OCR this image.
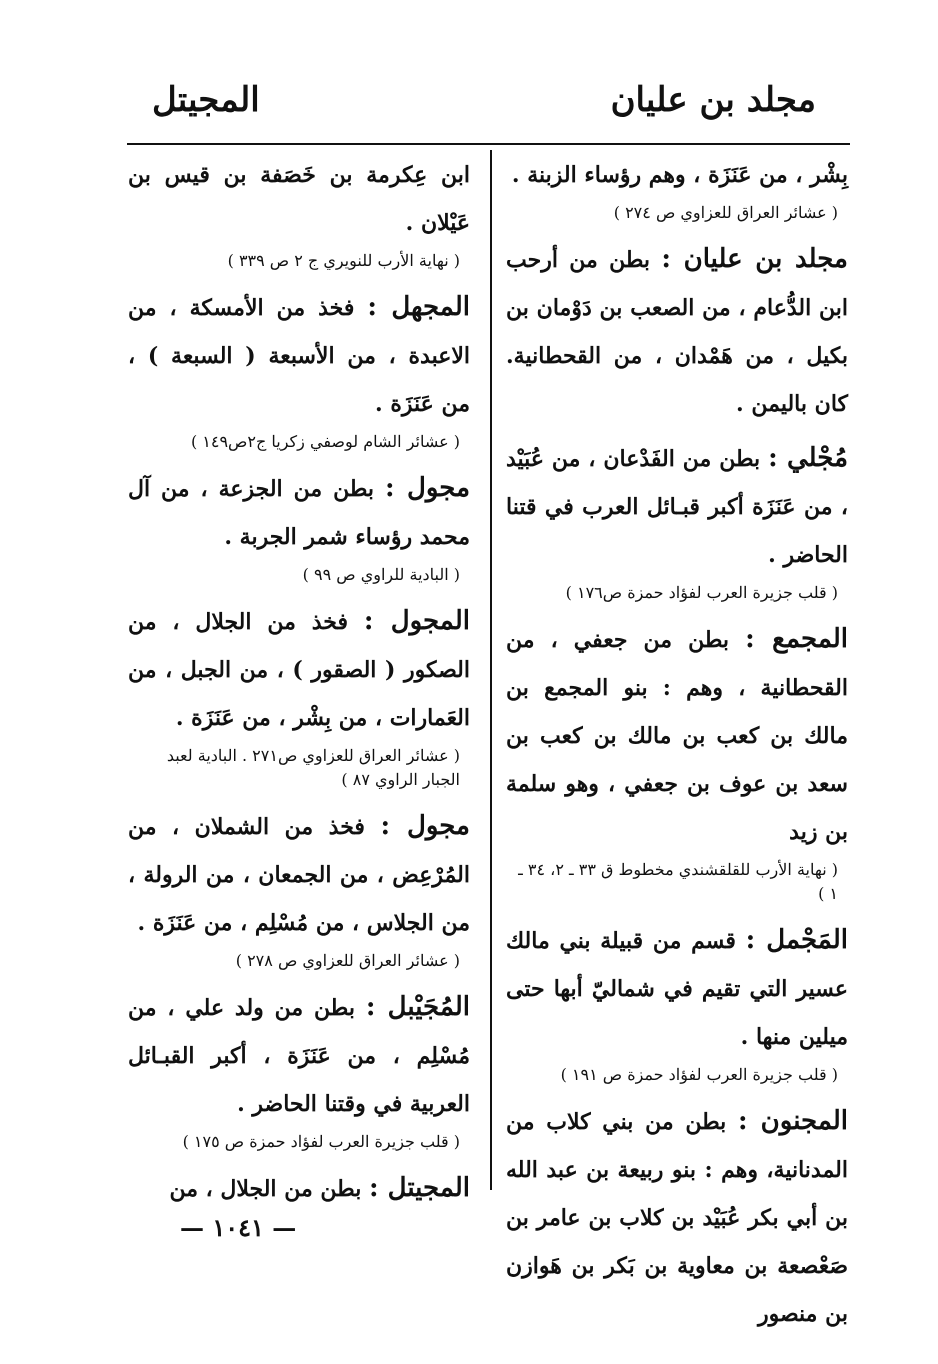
مجلد بن عليان
المجيتل
بِشْر ، من عَنَزَة ، وهم رؤساء الزبنة .
( عشائر العراق للعزاوي ص ٢٧٤ )
مجلد بن عليان : بطن من أرحب ابن الدُّعام ، من الصعب بن دَوْمان بن بكيل ، من هَمْدان ، من القحطانية. كان باليمن .
مُجْلي : بطن من الفَدْعان ، من عُبَيْد ، من عَنَزَة أكبر قبـائل العرب في قتنا الحاضر .
( قلب جزيرة العرب لفؤاد حمزة ص١٧٦ )
المجمع : بطن من جعفي ، من القحطانية ، وهم : بنو المجمع بن مالك بن كعب بن مالك بن كعب بن سعد بن عوف بن جعفي ، وهو سلمة بن زيد
( نهاية الأرب للقلقشندي مخطوط ق ٣٣ ـ ٢، ٣٤ ـ ١ )
المَجْمل : قسم من قبيلة بني مالك عسير التي تقيم في شماليّ أبها حتى ميلين منها .
( قلب جزيرة العرب لفؤاد حمزة ص ١٩١ )
المجنون : بطن من بني كلاب من المدنانية، وهم : بنو ربيعة بن عبد الله بن أبي بكر عُبَيْد بن كلاب بن عامر بن صَعْصعة بن معاوية بن بَكر بن هَوازن بن منصور
ابن عِكرمة بن خَصَفة بن قيس بن عَيْلان .
( نهاية الأرب للنويري ج ٢ ص ٣٣٩ )
المجهل : فخذ من الأمسكة ، من الاعبدة ، من الأسبعة ( السبعة ) ، من عَنَزَة .
( عشائر الشام لوصفي زكريا ج٢ص١٤٩ )
مجول : بطن من الجزعة ، من آل محمد رؤساء شمر الجربة .
( البادية للراوي ص ٩٩ )
المجول : فخذ من الجلال ، من الصكور ( الصقور ) ، من الجبل ، من العَمارات ، من بِشْر ، من عَنَزَة .
( عشائر العراق للعزاوي ص٢٧١ . البادية لعبد الجبار الراوي ٨٧ )
مجول : فخذ من الشملان ، من المُرْعِض ، من الجمعان ، من الرولة ، من الجلاس ، من مُسْلِم ، من عَنَزَة .
( عشائر العراق للعزاوي ص ٢٧٨ )
المُجَيْبل : بطن من ولد علي ، من مُسْلِم ، من عَنَزَة ، أكبر القبـائل العربية في وقتنا الحاضر .
( قلب جزيرة العرب لفؤاد حمزة ص ١٧٥ )
المجيتل : بطن من الجلال ، من
— ١٠٤١ —
